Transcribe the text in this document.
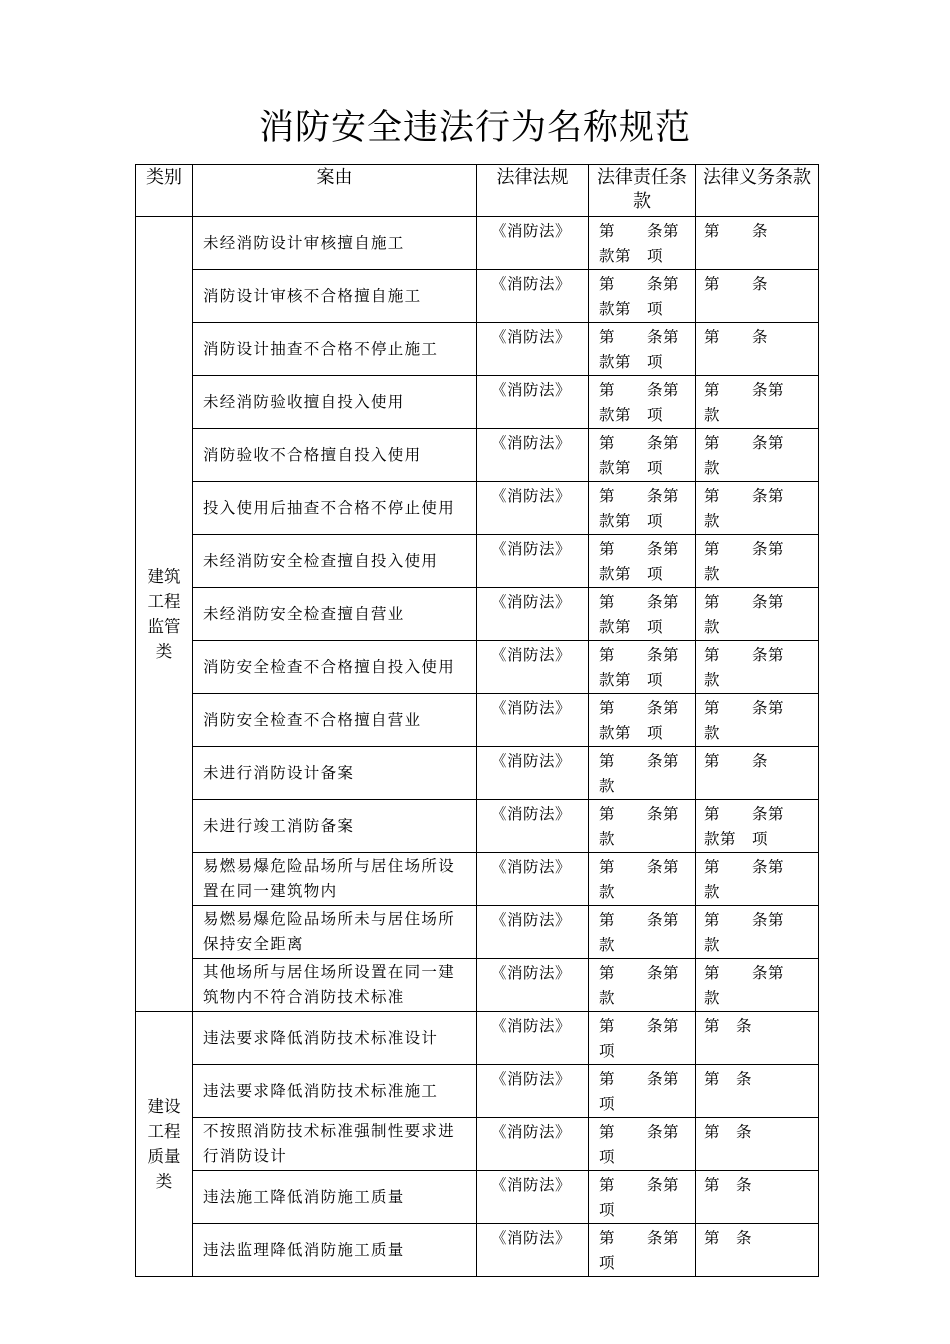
消防安全违法行为名称规范
类别	案由	法律法规	法律责任条款	法律义务条款
建筑工程监管类	未经消防设计审核擅自施工	《消防法》	第　　条第　　款第　项	第　　条
	消防设计审核不合格擅自施工	《消防法》	第　　条第　　款第　项	第　　条
	消防设计抽查不合格不停止施工	《消防法》	第　　条第　　款第　项	第　　条
	未经消防验收擅自投入使用	《消防法》	第　　条第　　款第　项	第　　条第　款
	消防验收不合格擅自投入使用	《消防法》	第　　条第　　款第　项	第　　条第　款
	投入使用后抽查不合格不停止使用	《消防法》	第　　条第　　款第　项	第　　条第　款
	未经消防安全检查擅自投入使用	《消防法》	第　　条第　　款第　项	第　　条第　款
	未经消防安全检查擅自营业	《消防法》	第　　条第　　款第　项	第　　条第　款
	消防安全检查不合格擅自投入使用	《消防法》	第　　条第　　款第　项	第　　条第　款
	消防安全检查不合格擅自营业	《消防法》	第　　条第　　款第　项	第　　条第　款
	未进行消防设计备案	《消防法》	第　　条第　　款	第　　条
	未进行竣工消防备案	《消防法》	第　　条第　　款	第　　条第　款第　项
	易燃易爆危险品场所与居住场所设置在同一建筑物内	《消防法》	第　　条第　　款	第　　条第　款
	易燃易爆危险品场所未与居住场所保持安全距离	《消防法》	第　　条第　　款	第　　条第　款
	其他场所与居住场所设置在同一建筑物内不符合消防技术标准	《消防法》	第　　条第　　款	第　　条第　款
建设工程质量类	违法要求降低消防技术标准设计	《消防法》	第　　条第　　项	第　条
	违法要求降低消防技术标准施工	《消防法》	第　　条第　　项	第　条
	不按照消防技术标准强制性要求进行消防设计	《消防法》	第　　条第　　项	第　条
	违法施工降低消防施工质量	《消防法》	第　　条第　　项	第　条
	违法监理降低消防施工质量	《消防法》	第　　条第　　项	第　条
